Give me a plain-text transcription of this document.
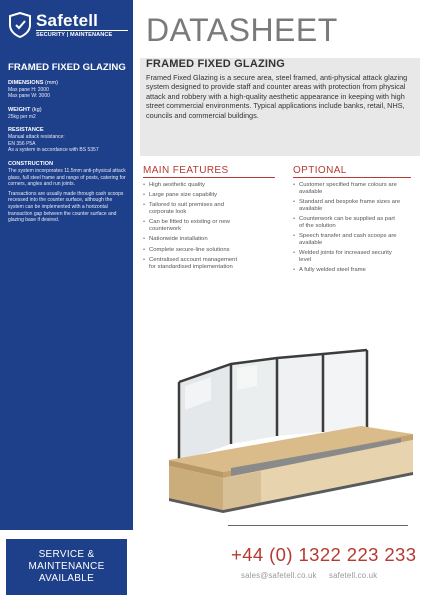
Safetell
SECURITY | MAINTENANCE
FRAMED FIXED GLAZING
DIMENSIONS (mm)
Max pane H: 2000
Max pane W: 3000
WEIGHT (kg)
25kg per m2
RESISTANCE
Manual attack resistance:
EN 356 P5A
As a system in accordance with BS 5357
CONSTRUCTION
The system incorporates 11.5mm anti-physical attack glass, full steel frame and range of posts, catering for corners, angles and run joints.
Transactions are usually made through cash scoops recessed into the counter surface, although the system can be implemented with a horizontal transaction gap between the counter surface and glazing base if desired.
SERVICE &
MAINTENANCE
AVAILABLE
DATASHEET
FRAMED FIXED GLAZING
Framed Fixed Glazing is a secure area, steel framed, anti-physical attack glazing system designed to provide staff and counter areas with protection from physical attack and robbery with a high-quality aesthetic appearance in keeping with high street commercial environments. Typical applications include banks, retail, NHS, councils and commercial buildings.
MAIN FEATURES	OPTIONAL
• High aesthetic quality
• Large pane size capability
• Tailored to suit premises and corporate look
• Can be fitted to existing or new counterwork
• Nationwide installation
• Complete secure-line solutions
• Centralised account management for standardised implementation
• Customer specified frame colours are available
• Standard and bespoke frame sizes are available
• Counterwork can be supplied as part of the solution
• Speech transfer and cash scoops are available
• Welded joints for increased security level
• A fully welded steel frame
+44 (0) 1322 223 233
sales@safetell.co.uk safetell.co.uk
